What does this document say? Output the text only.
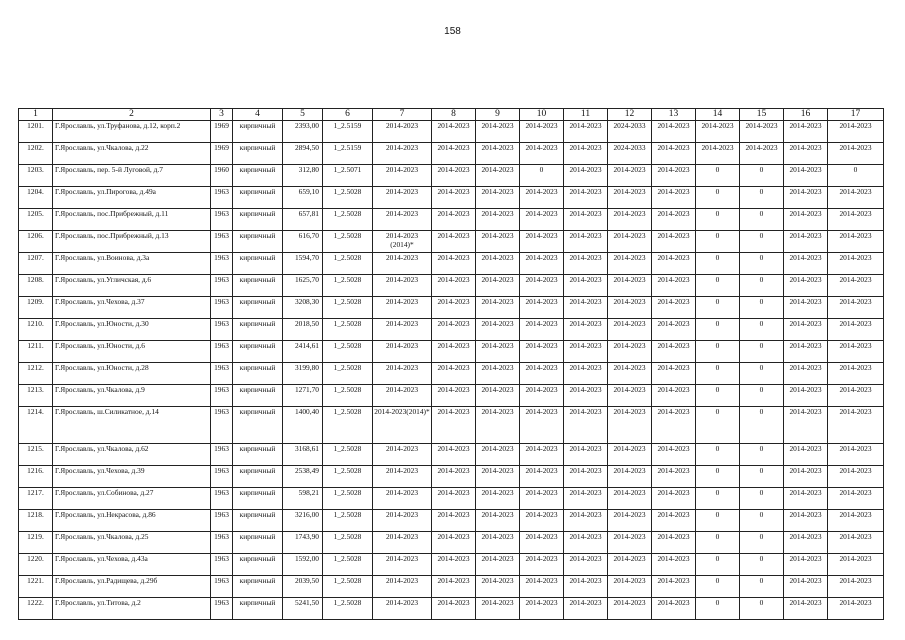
158
1	2	3	4	5	6	7	8	9	10	11	12	13	14	15	16	17
1201.	Г.Ярославль, ул.Труфанова, д.12, корп.2	1969	кирпичный	2393,00	1_2.5159	2014-2023	2014-2023	2014-2023	2014-2023	2014-2023	2024-2033	2014-2023	2014-2023	2014-2023	2014-2023	2014-2023
1202.	Г.Ярославль, ул.Чкалова, д.22	1969	кирпичный	2894,50	1_2.5159	2014-2023	2014-2023	2014-2023	2014-2023	2014-2023	2024-2033	2014-2023	2014-2023	2014-2023	2014-2023	2014-2023
1203.	Г.Ярославль, пер. 5-й Луговой, д.7	1960	кирпичный	312,80	1_2.5071	2014-2023	2014-2023	2014-2023	0	2014-2023	2014-2023	2014-2023	0	0	2014-2023	0
1204.	Г.Ярославль, ул.Пирогова, д.49а	1963	кирпичный	659,10	1_2.5028	2014-2023	2014-2023	2014-2023	2014-2023	2014-2023	2014-2023	2014-2023	0	0	2014-2023	2014-2023
1205.	Г.Ярославль, пос.Прибрежный, д.11	1963	кирпичный	657,81	1_2.5028	2014-2023	2014-2023	2014-2023	2014-2023	2014-2023	2014-2023	2014-2023	0	0	2014-2023	2014-2023
1206.	Г.Ярославль, пос.Прибрежный, д.13	1963	кирпичный	616,70	1_2.5028	2014-2023 (2014)*	2014-2023	2014-2023	2014-2023	2014-2023	2014-2023	2014-2023	0	0	2014-2023	2014-2023
1207.	Г.Ярославль, ул.Воинова, д.3а	1963	кирпичный	1594,70	1_2.5028	2014-2023	2014-2023	2014-2023	2014-2023	2014-2023	2014-2023	2014-2023	0	0	2014-2023	2014-2023
1208.	Г.Ярославль, ул.Угличская, д.6	1963	кирпичный	1625,70	1_2.5028	2014-2023	2014-2023	2014-2023	2014-2023	2014-2023	2014-2023	2014-2023	0	0	2014-2023	2014-2023
1209.	Г.Ярославль, ул.Чехова, д.37	1963	кирпичный	3208,30	1_2.5028	2014-2023	2014-2023	2014-2023	2014-2023	2014-2023	2014-2023	2014-2023	0	0	2014-2023	2014-2023
1210.	Г.Ярославль, ул.Юности, д.30	1963	кирпичный	2018,50	1_2.5028	2014-2023	2014-2023	2014-2023	2014-2023	2014-2023	2014-2023	2014-2023	0	0	2014-2023	2014-2023
1211.	Г.Ярославль, ул.Юности, д.6	1963	кирпичный	2414,61	1_2.5028	2014-2023	2014-2023	2014-2023	2014-2023	2014-2023	2014-2023	2014-2023	0	0	2014-2023	2014-2023
1212.	Г.Ярославль, ул.Юности, д.28	1963	кирпичный	3199,80	1_2.5028	2014-2023	2014-2023	2014-2023	2014-2023	2014-2023	2014-2023	2014-2023	0	0	2014-2023	2014-2023
1213.	Г.Ярославль, ул.Чкалова, д.9	1963	кирпичный	1271,70	1_2.5028	2014-2023	2014-2023	2014-2023	2014-2023	2014-2023	2014-2023	2014-2023	0	0	2014-2023	2014-2023
1214.	Г.Ярославль, ш.Силикатное, д.14	1963	кирпичный	1400,40	1_2.5028	2014-2023(2014)*	2014-2023	2014-2023	2014-2023	2014-2023	2014-2023	2014-2023	0	0	2014-2023	2014-2023
1215.	Г.Ярославль, ул.Чкалова, д.62	1963	кирпичный	3168,61	1_2.5028	2014-2023	2014-2023	2014-2023	2014-2023	2014-2023	2014-2023	2014-2023	0	0	2014-2023	2014-2023
1216.	Г.Ярославль, ул.Чехова, д.39	1963	кирпичный	2538,49	1_2.5028	2014-2023	2014-2023	2014-2023	2014-2023	2014-2023	2014-2023	2014-2023	0	0	2014-2023	2014-2023
1217.	Г.Ярославль, ул.Собинова, д.27	1963	кирпичный	598,21	1_2.5028	2014-2023	2014-2023	2014-2023	2014-2023	2014-2023	2014-2023	2014-2023	0	0	2014-2023	2014-2023
1218.	Г.Ярославль, ул.Некрасова, д.86	1963	кирпичный	3216,00	1_2.5028	2014-2023	2014-2023	2014-2023	2014-2023	2014-2023	2014-2023	2014-2023	0	0	2014-2023	2014-2023
1219.	Г.Ярославль, ул.Чкалова, д.25	1963	кирпичный	1743,90	1_2.5028	2014-2023	2014-2023	2014-2023	2014-2023	2014-2023	2014-2023	2014-2023	0	0	2014-2023	2014-2023
1220.	Г.Ярославль, ул.Чехова, д.43а	1963	кирпичный	1592,00	1_2.5028	2014-2023	2014-2023	2014-2023	2014-2023	2014-2023	2014-2023	2014-2023	0	0	2014-2023	2014-2023
1221.	Г.Ярославль, ул.Радищева, д.29б	1963	кирпичный	2039,50	1_2.5028	2014-2023	2014-2023	2014-2023	2014-2023	2014-2023	2014-2023	2014-2023	0	0	2014-2023	2014-2023
1222.	Г.Ярославль, ул.Титова, д.2	1963	кирпичный	5241,50	1_2.5028	2014-2023	2014-2023	2014-2023	2014-2023	2014-2023	2014-2023	2014-2023	0	0	2014-2023	2014-2023
